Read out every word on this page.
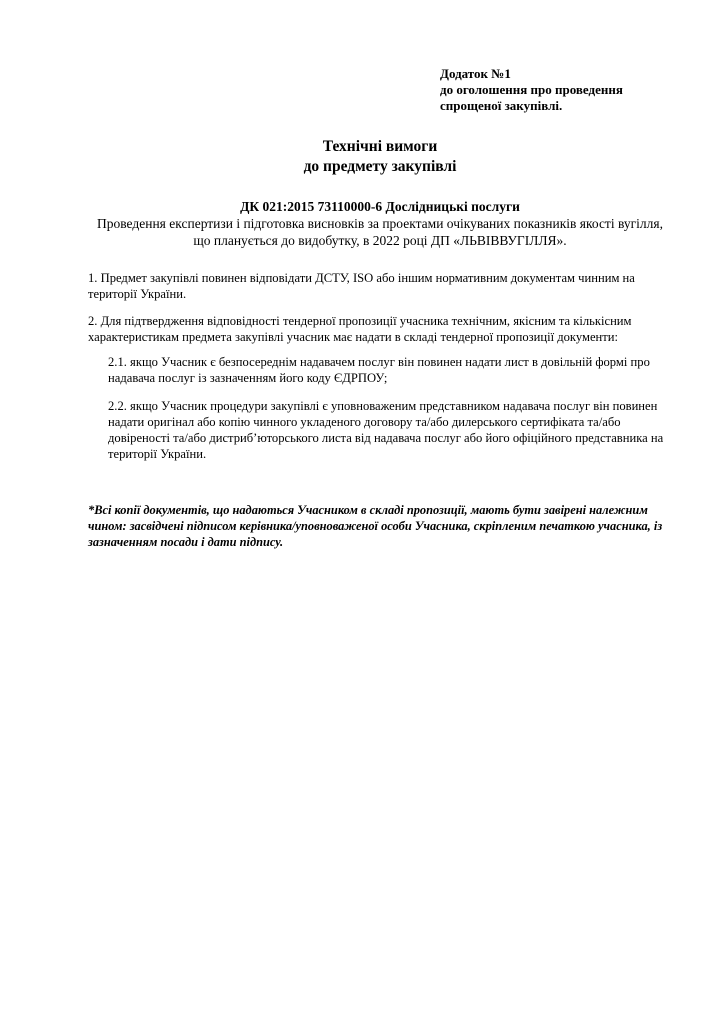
Додаток №1
до оголошення про проведення
спрощеної закупівлі.
Технічні вимоги
до предмету закупівлі
ДК 021:2015 73110000-6 Дослідницькі послуги
Проведення експертизи і підготовка висновків за проектами очікуваних показників якості вугілля, що планується до видобутку, в 2022 році ДП «ЛЬВІВВУГІЛЛЯ».
1. Предмет закупівлі повинен відповідати ДСТУ, ISO або іншим нормативним документам чинним на території України.
2. Для підтвердження відповідності тендерної пропозиції учасника технічним, якісним та кількісним характеристикам предмета закупівлі учасник має надати в складі тендерної пропозиції документи:
2.1. якщо Учасник є безпосереднім надавачем послуг він повинен надати лист в довільній формі про надавача послуг із зазначенням його коду ЄДРПОУ;
2.2. якщо Учасник процедури закупівлі є уповноваженим представником надавача послуг він повинен надати оригінал або копію чинного укладеного договору та/або дилерського сертифіката та/або довіреності та/або дистриб’юторського листа від надавача послуг або його офіційного представника на території України.
*Всі копії документів, що надаються Учасником в складі пропозиції, мають бути завірені належним чином: засвідчені підписом керівника/уповноваженої особи Учасника, скріпленим печаткою учасника, із зазначенням посади і дати підпису.
